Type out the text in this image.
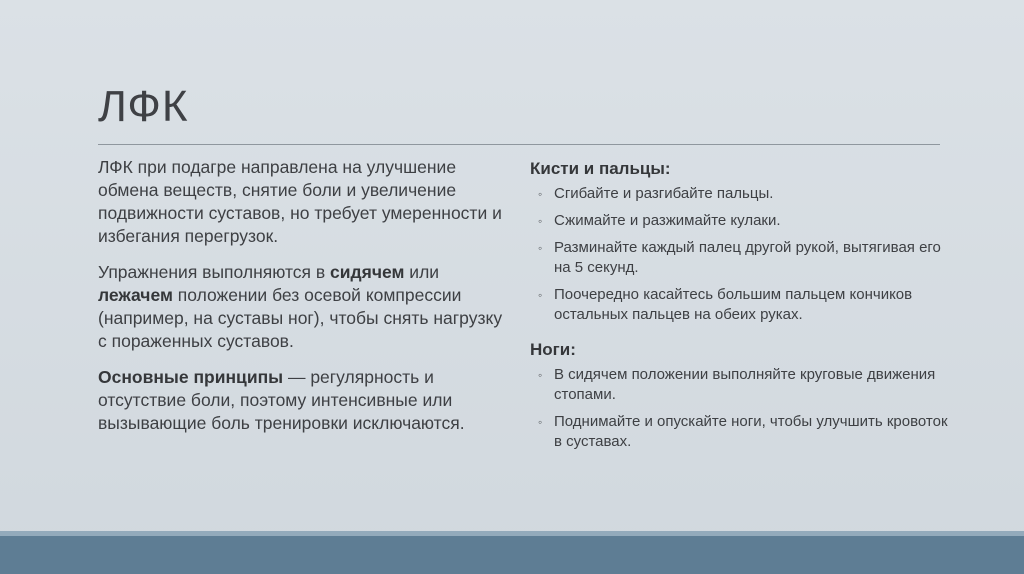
ЛФК

ЛФК при подагре направлена на улучшение обмена веществ, снятие боли и увеличение подвижности суставов, но требует умеренности и избегания перегрузок.

Упражнения выполняются в сидячем или лежачем положении без осевой компрессии (например, на суставы ног), чтобы снять нагрузку с пораженных суставов.

Основные принципы — регулярность и отсутствие боли, поэтому интенсивные или вызывающие боль тренировки исключаются.

Кисти и пальцы:
◦ Сгибайте и разгибайте пальцы.
◦ Сжимайте и разжимайте кулаки.
◦ Разминайте каждый палец другой рукой, вытягивая его на 5 секунд.
◦ Поочередно касайтесь большим пальцем кончиков остальных пальцев на обеих руках.
Ноги:
◦ В сидячем положении выполняйте круговые движения стопами.
◦ Поднимайте и опускайте ноги, чтобы улучшить кровоток в суставах.
